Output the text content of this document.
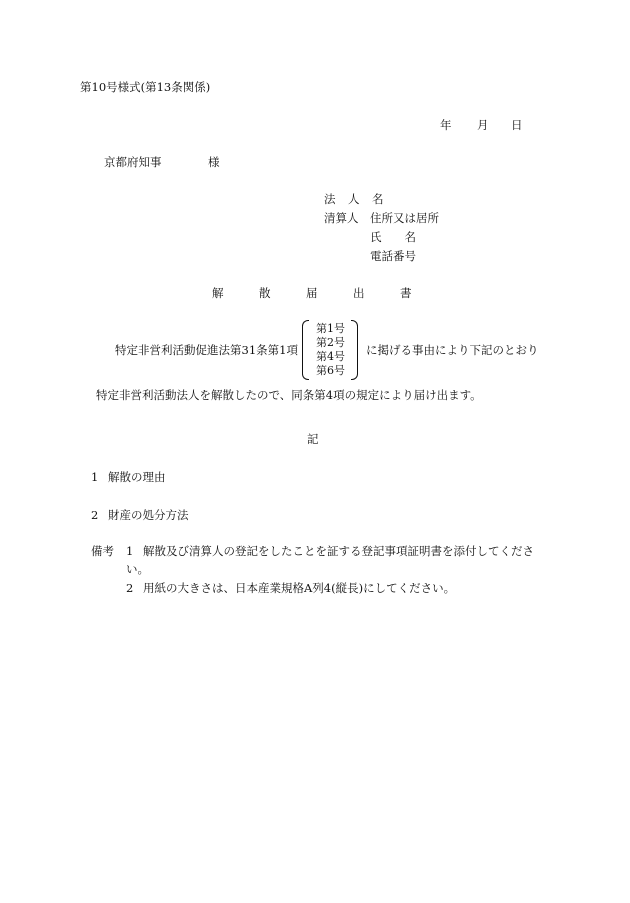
第10号様式(第13条関係)
年 月 日
京都府知事	様
法　人　名
清算人 住所又は居所
氏　　名
電話番号
解	散	届	出	書
特定非営利活動促進法第31条第1項
第1号
第2号
第4号
第6号
に掲げる事由により下記のとおり
特定非営利活動法人を解散したので、同条第4項の規定により届け出ます。
記
1 解散の理由
2 財産の処分方法
備考 1 解散及び清算人の登記をしたことを証する登記事項証明書を添付してくださ
い。
2 用紙の大きさは、日本産業規格A列4(縦長)にしてください。
